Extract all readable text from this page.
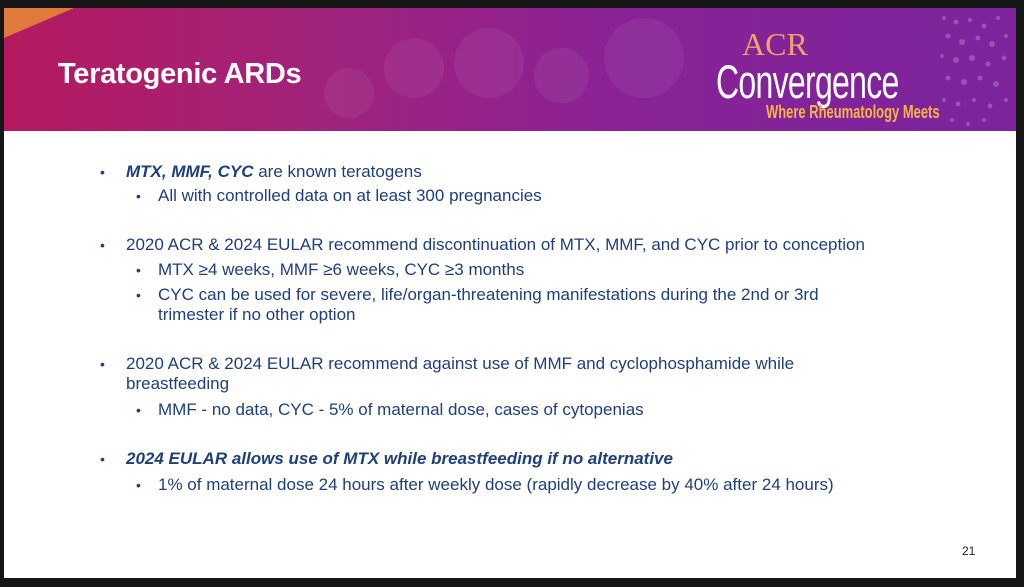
Teratogenic ARDs
ACR
Convergence
Where Rheumatology Meets
• MTX, MMF, CYC are known teratogens
• All with controlled data on at least 300 pregnancies
• 2020 ACR & 2024 EULAR recommend discontinuation of MTX, MMF, and CYC prior to conception
• MTX ≥4 weeks, MMF ≥6 weeks, CYC ≥3 months
• CYC can be used for severe, life/organ-threatening manifestations during the 2nd or 3rd
trimester if no other option
• 2020 ACR & 2024 EULAR recommend against use of MMF and cyclophosphamide while
breastfeeding
• MMF - no data, CYC - 5% of maternal dose, cases of cytopenias
• 2024 EULAR allows use of MTX while breastfeeding if no alternative
• 1% of maternal dose 24 hours after weekly dose (rapidly decrease by 40% after 24 hours)
21
